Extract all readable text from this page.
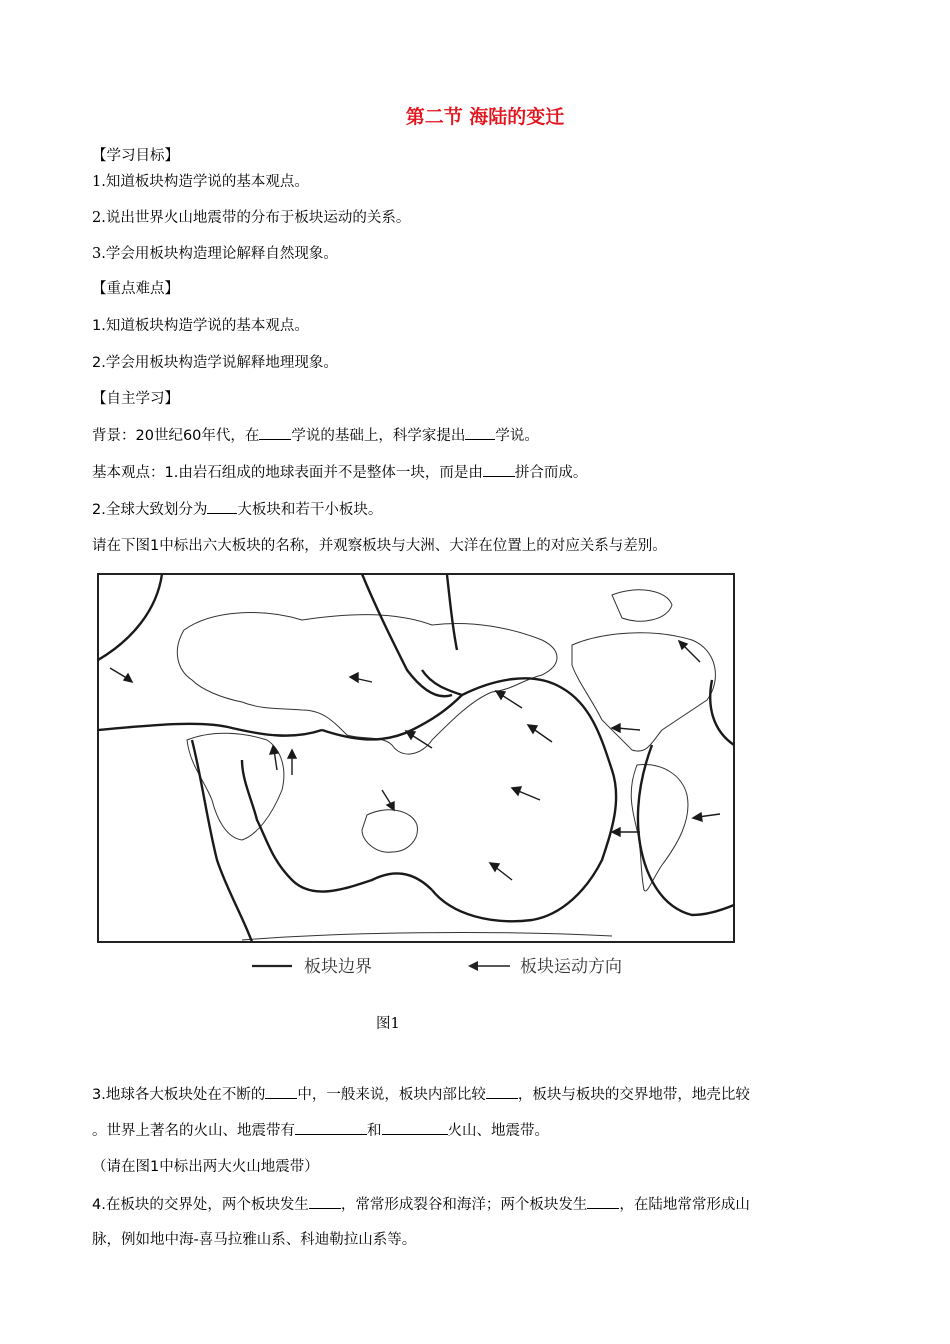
第二节 海陆的变迁
【学习目标】
1.知道板块构造学说的基本观点。
2.说出世界火山地震带的分布于板块运动的关系。
3.学会用板块构造理论解释自然现象。
【重点难点】
1.知道板块构造学说的基本观点。
2.学会用板块构造学说解释地理现象。
【自主学习】
背景：20世纪60年代，在 学说的基础上，科学家提出 学说。
基本观点：1.由岩石组成的地球表面并不是整体一块，而是由 拼合而成。
2.全球大致划分为 大板块和若干小板块。
请在下图1中标出六大板块的名称，并观察板块与大洲、大洋在位置上的对应关系与差别。
板块边界	板块运动方向
图1
3.地球各大板块处在不断的 中，一般来说，板块内部比较 ，板块与板块的交界地带，地壳比较
。世界上著名的火山、地震带有	和	火山、地震带。
（请在图1中标出两大火山地震带）
4.在板块的交界处，两个板块发生 ，常常形成裂谷和海洋；两个板块发生 ，在陆地常常形成山
脉，例如地中海-喜马拉雅山系、科迪勒拉山系等。
